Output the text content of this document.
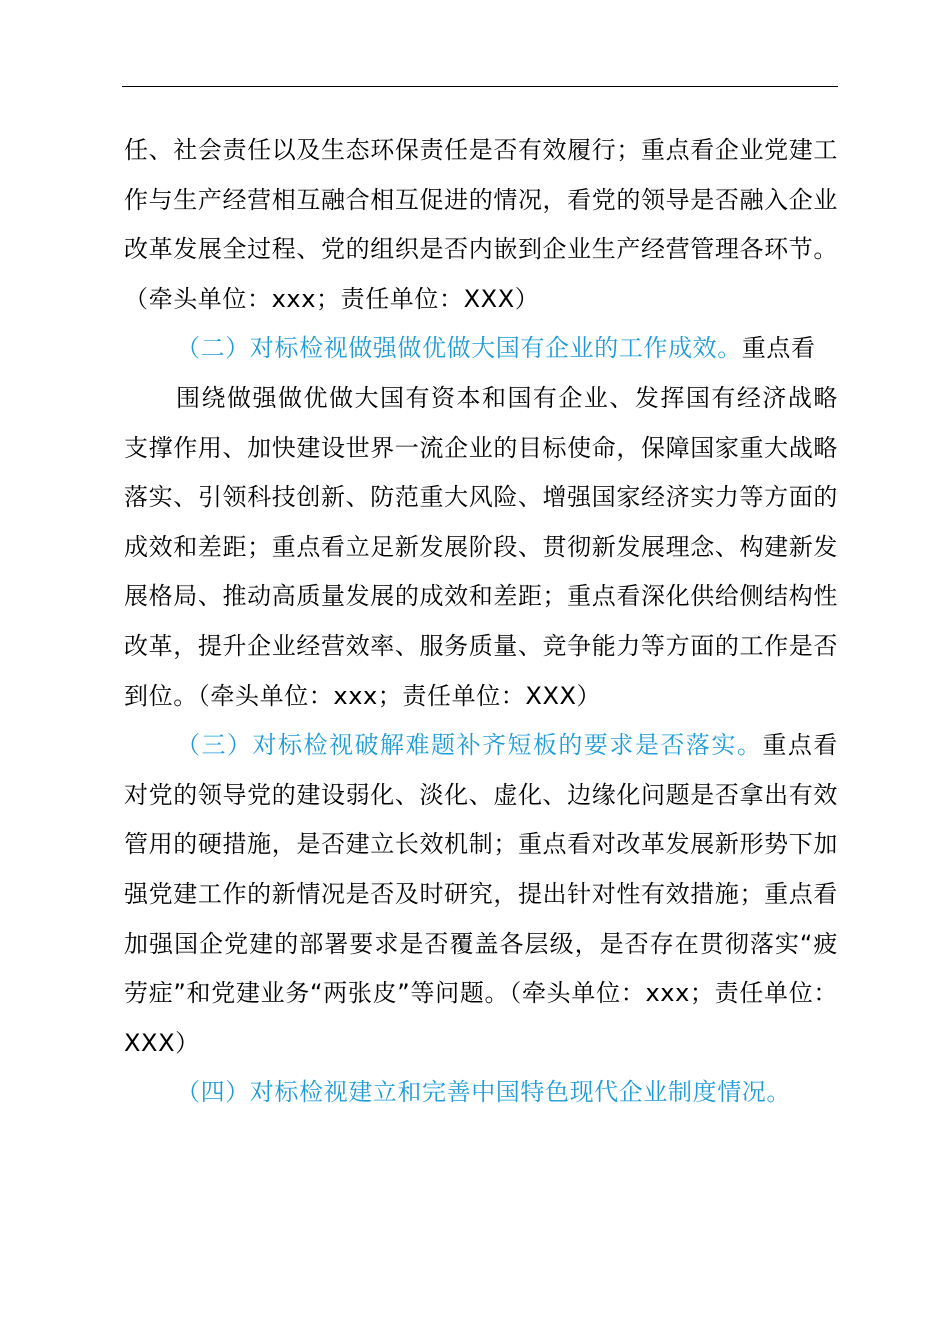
任、社会责任以及生态环保责任是否有效履行；重点看企业党建工作与生产经营相互融合相互促进的情况，看党的领导是否融入企业改革发展全过程、党的组织是否内嵌到企业生产经营管理各环节。（牵头单位：xxx；责任单位：XXX）

（二）对标检视做强做优做大国有企业的工作成效。重点看

围绕做强做优做大国有资本和国有企业、发挥国有经济战略支撑作用、加快建设世界一流企业的目标使命，保障国家重大战略落实、引领科技创新、防范重大风险、增强国家经济实力等方面的成效和差距；重点看立足新发展阶段、贯彻新发展理念、构建新发展格局、推动高质量发展的成效和差距；重点看深化供给侧结构性改革，提升企业经营效率、服务质量、竞争能力等方面的工作是否到位。（牵头单位：xxx；责任单位：XXX）

（三）对标检视破解难题补齐短板的要求是否落实。重点看对党的领导党的建设弱化、淡化、虚化、边缘化问题是否拿出有效管用的硬措施，是否建立长效机制；重点看对改革发展新形势下加强党建工作的新情况是否及时研究，提出针对性有效措施；重点看加强国企党建的部署要求是否覆盖各层级，是否存在贯彻落实“疲劳症”和党建业务“两张皮”等问题。（牵头单位：xxx；责任单位：XXX）

（四）对标检视建立和完善中国特色现代企业制度情况。
